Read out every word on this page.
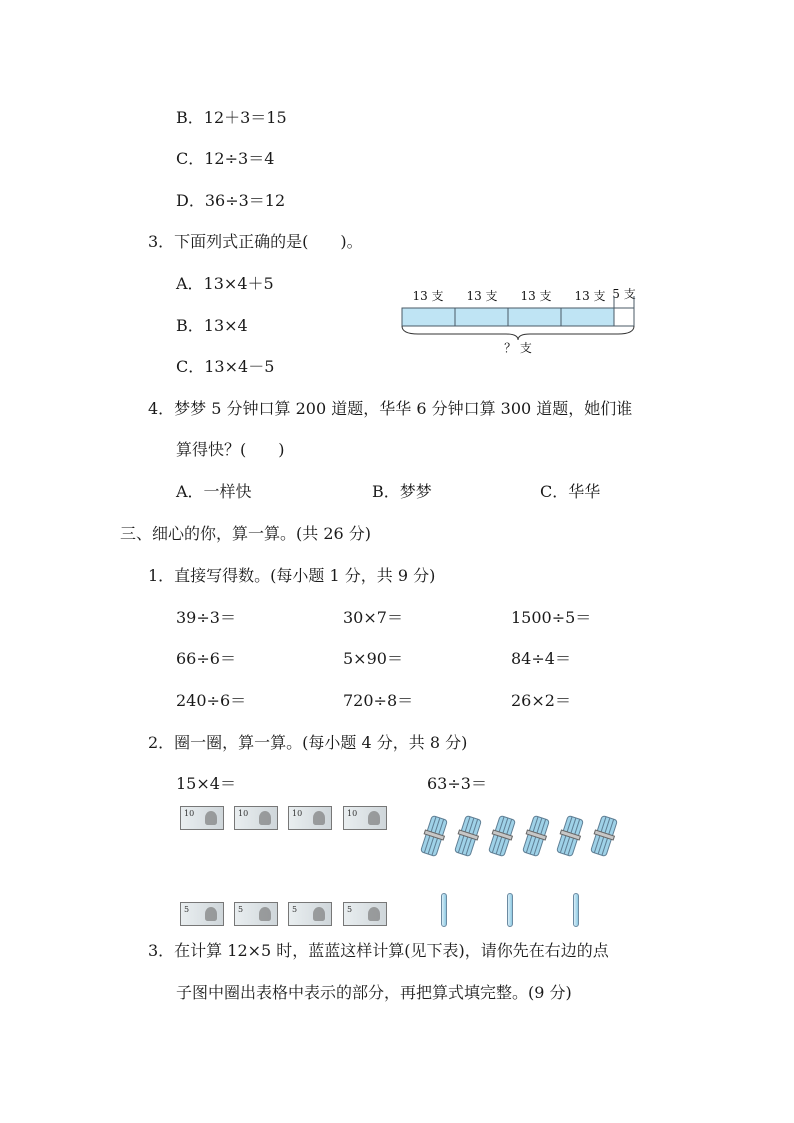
B．12＋3＝15
C．12÷3＝4
D．36÷3＝12
3．下面列式正确的是(　　)。
A．13×4＋5
B．13×4
C．13×4－5
13 支 13 支 13 支 13 支 5 支
？ 支
4．梦梦 5 分钟口算 200 道题，华华 6 分钟口算 300 道题，她们谁
算得快？(　　)
A．一样快	B．梦梦	C．华华
三、细心的你，算一算。(共 26 分)
1．直接写得数。(每小题 1 分，共 9 分)
39÷3＝	30×7＝	1500÷5＝
66÷6＝	5×90＝	84÷4＝
240÷6＝	720÷8＝	26×2＝
2．圈一圈，算一算。(每小题 4 分，共 8 分)
15×4＝	63÷3＝
10	10	10	10
5	5	5	5
3．在计算 12×5 时，蓝蓝这样计算(见下表)，请你先在右边的点
子图中圈出表格中表示的部分，再把算式填完整。(9 分)
